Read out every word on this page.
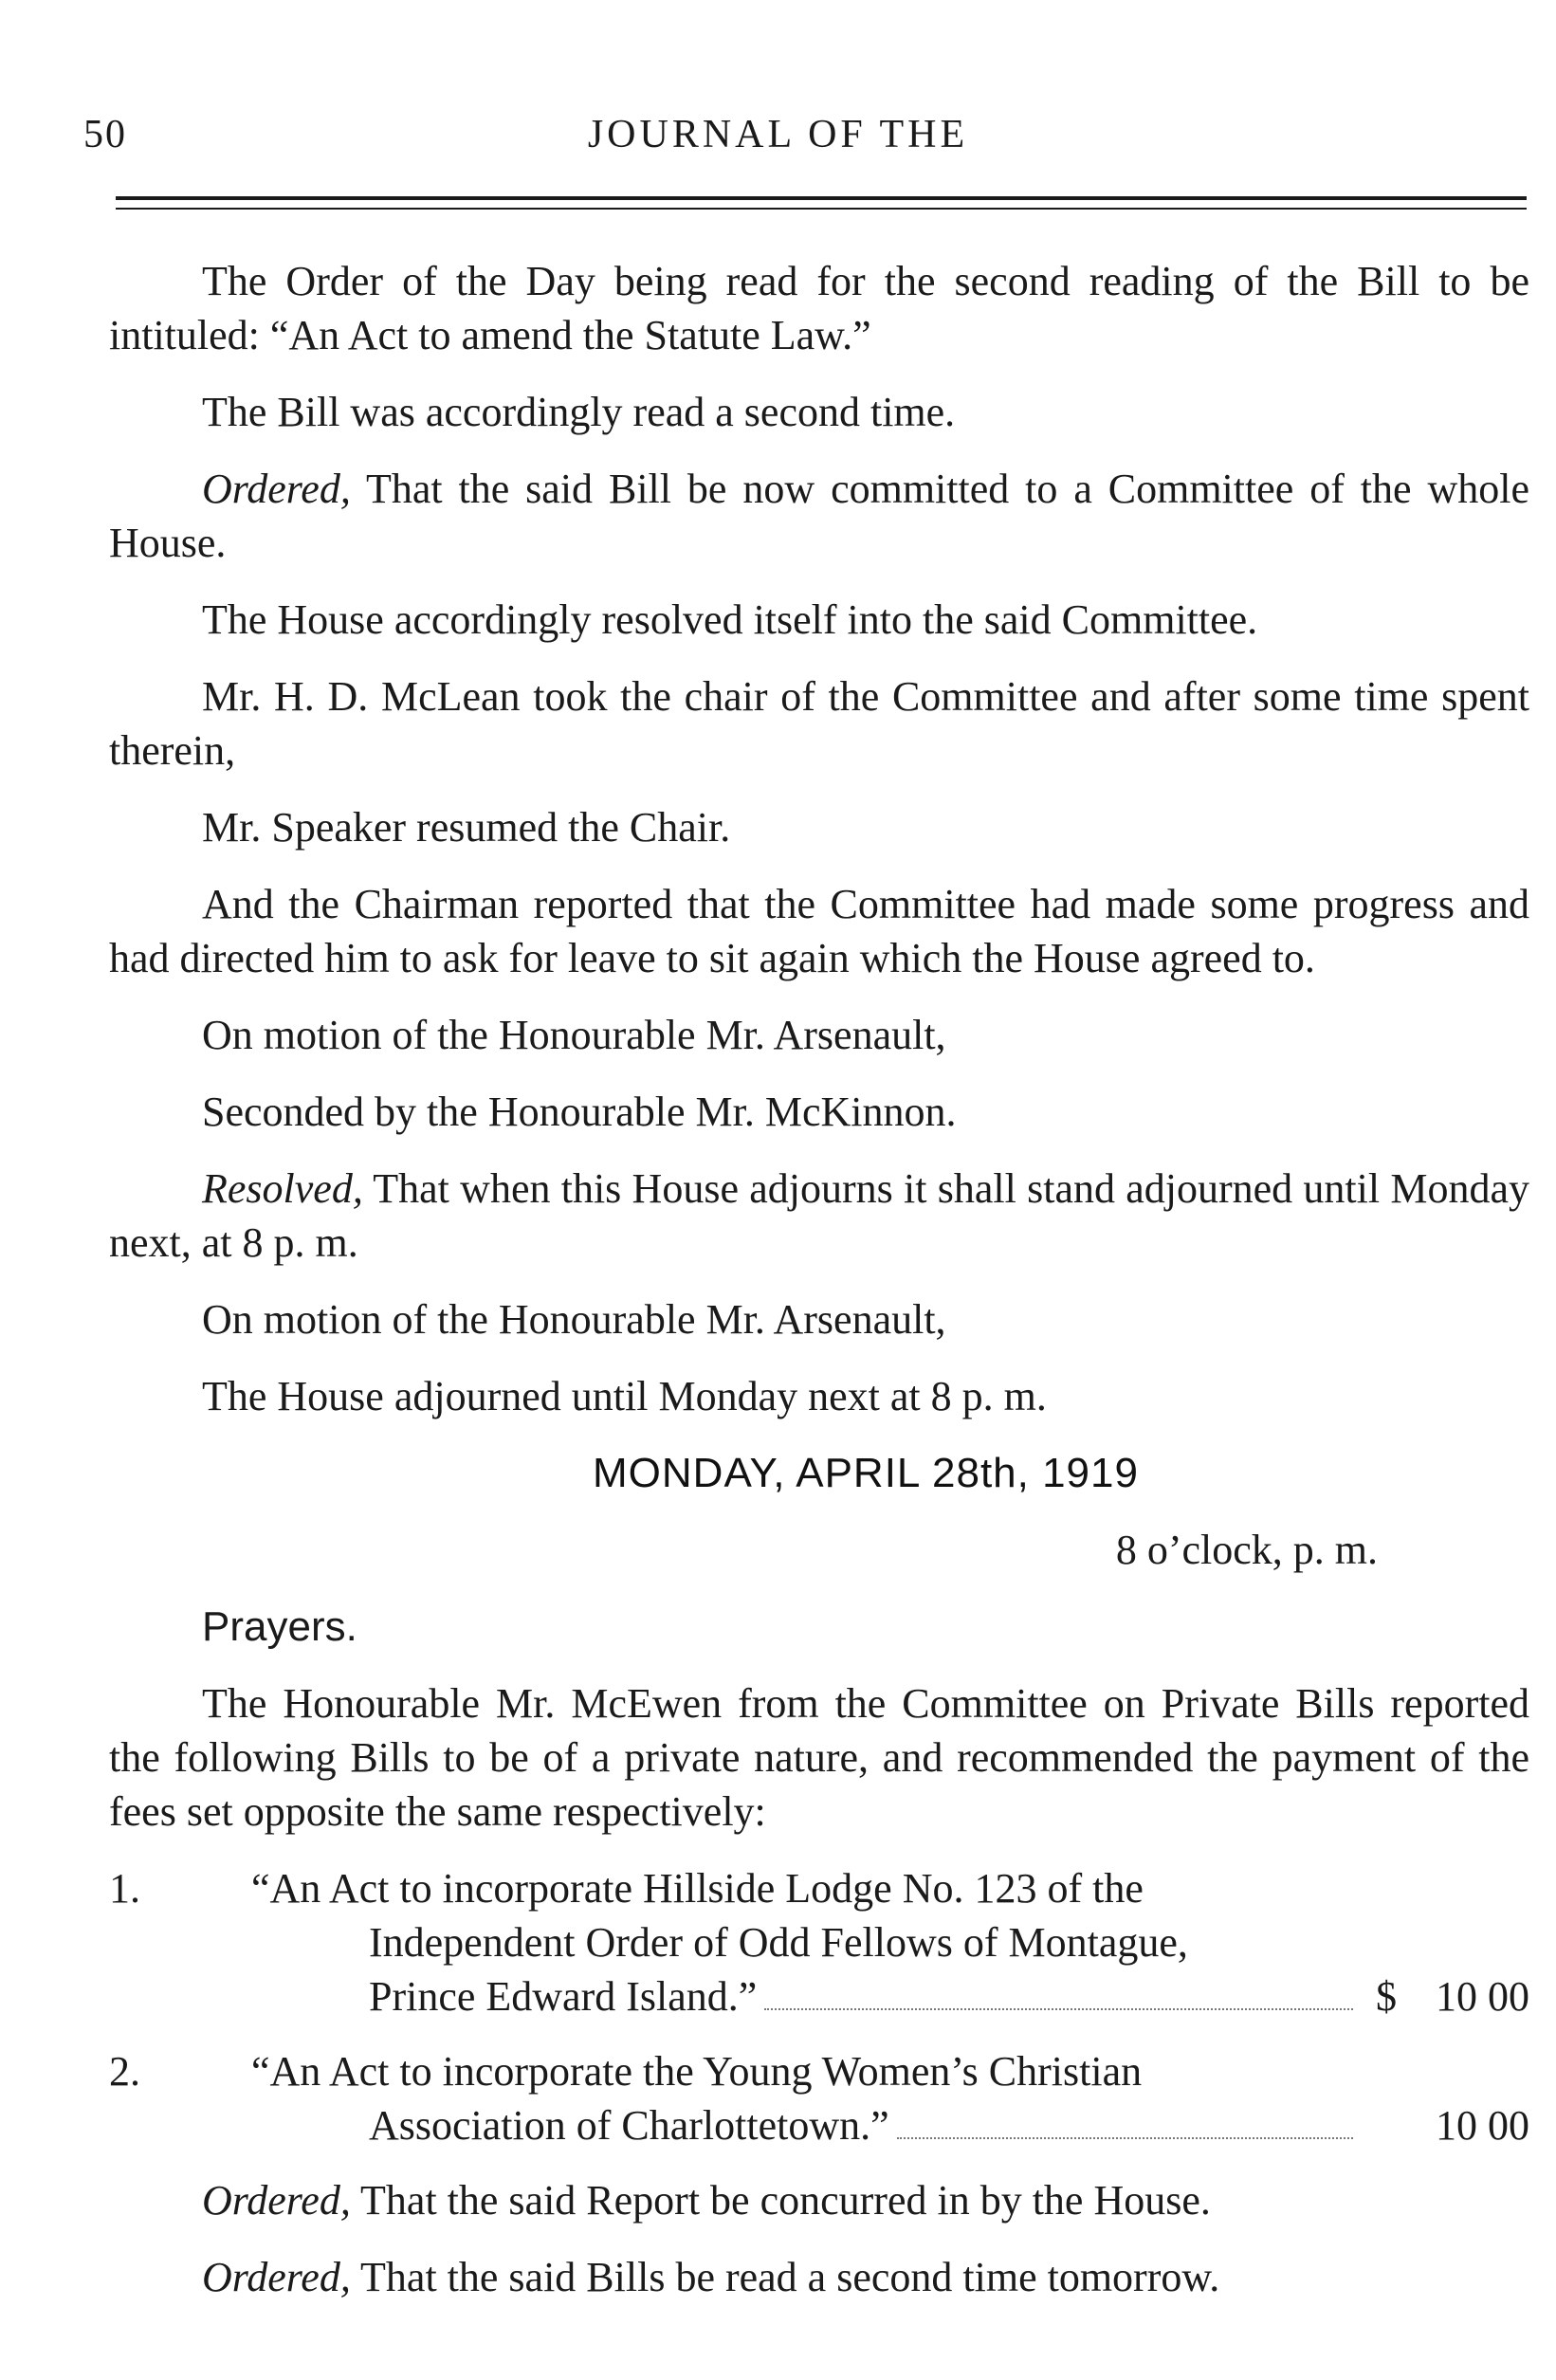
50	JOURNAL OF THE

The Order of the Day being read for the second reading of the Bill to be intituled: “An Act to amend the Statute Law.”

The Bill was accordingly read a second time.

Ordered, That the said Bill be now committed to a Committee of the whole House.

The House accordingly resolved itself into the said Committee.

Mr. H. D. McLean took the chair of the Committee and after some time spent therein,

Mr. Speaker resumed the Chair.

And the Chairman reported that the Committee had made some progress and had directed him to ask for leave to sit again which the House agreed to.

On motion of the Honourable Mr. Arsenault,

Seconded by the Honourable Mr. McKinnon.

Resolved, That when this House adjourns it shall stand adjourned until Monday next, at 8 p. m.

On motion of the Honourable Mr. Arsenault,

The House adjourned until Monday next at 8 p. m.

MONDAY, APRIL 28th, 1919

8 o’clock, p. m.

Prayers.

The Honourable Mr. McEwen from the Committee on Private Bills reported the following Bills to be of a private nature, and recommended the payment of the fees set opposite the same respectively:

1.	“An Act to incorporate Hillside Lodge No. 123 of the
Independent Order of Odd Fellows of Montague,
Prince Edward Island.”	$ 10 00
2.	“An Act to incorporate the Young Women’s Christian
Association of Charlottetown.”	10 00

Ordered, That the said Report be concurred in by the House.

Ordered, That the said Bills be read a second time tomorrow.
